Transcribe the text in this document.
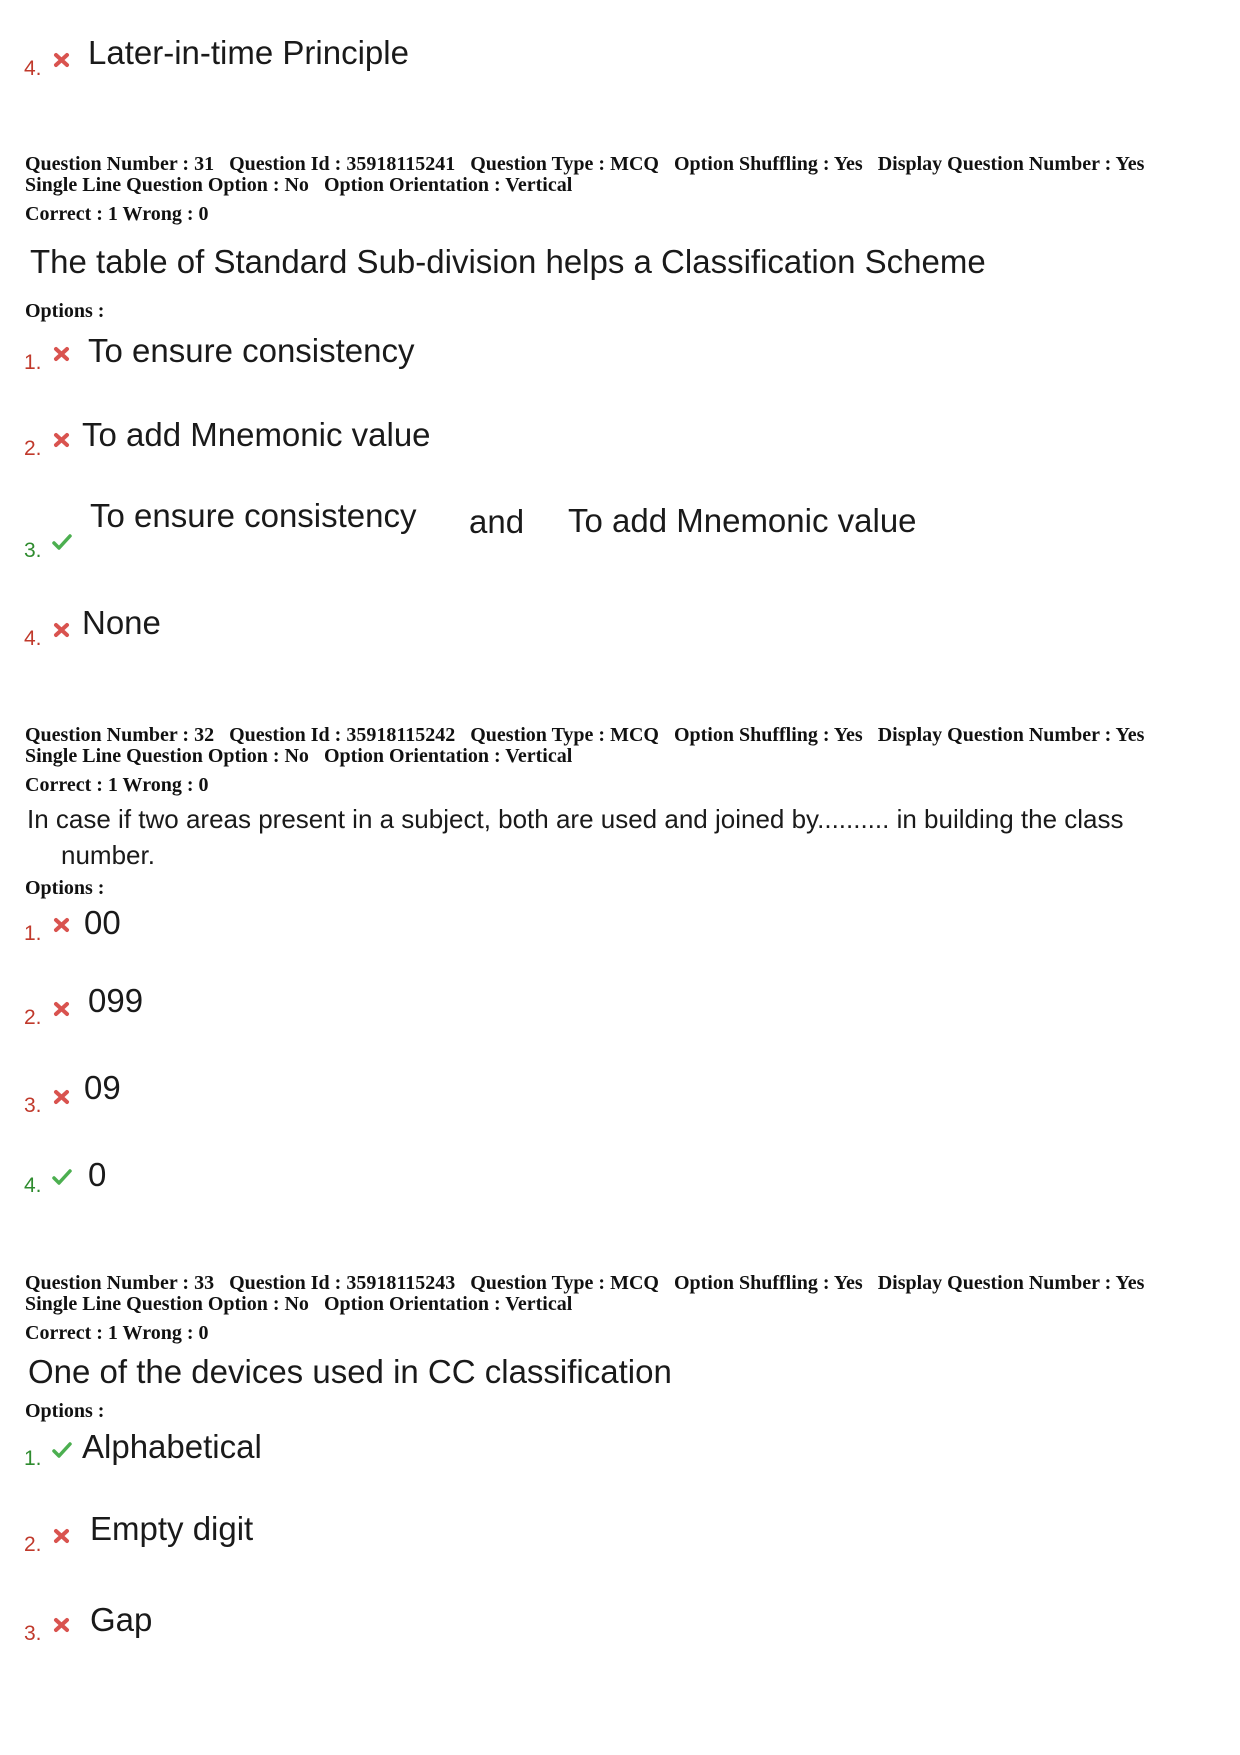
4. Later-in-time Principle
Question Number : 31 Question Id : 35918115241 Question Type : MCQ Option Shuffling : Yes Display Question Number : Yes
Single Line Question Option : No Option Orientation : Vertical
Correct : 1 Wrong : 0
The table of Standard Sub-division helps a Classification Scheme
Options :
1. To ensure consistency
2. To add Mnemonic value
3.
To ensure consistency and To add Mnemonic value
4. None
Question Number : 32 Question Id : 35918115242 Question Type : MCQ Option Shuffling : Yes Display Question Number : Yes
Single Line Question Option : No Option Orientation : Vertical
Correct : 1 Wrong : 0
In case if two areas present in a subject, both are used and joined by.......... in building the class
number.
Options :
1. 00
2. 099
3. 09
4. 0
Question Number : 33 Question Id : 35918115243 Question Type : MCQ Option Shuffling : Yes Display Question Number : Yes
Single Line Question Option : No Option Orientation : Vertical
Correct : 1 Wrong : 0
One of the devices used in CC classification
Options :
1. Alphabetical
2. Empty digit
3. Gap
